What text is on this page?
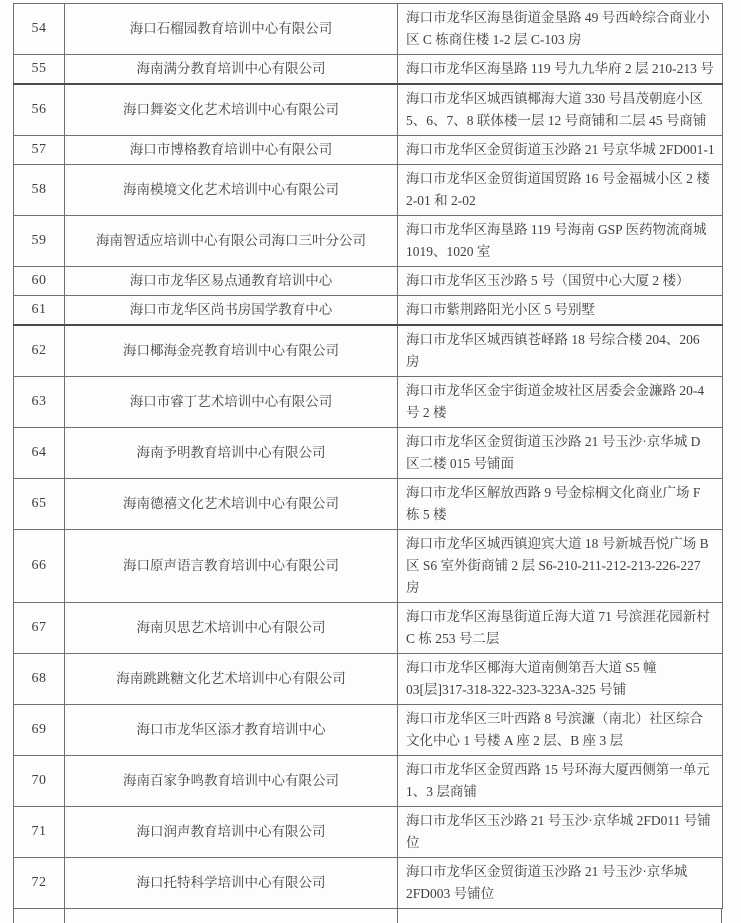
54	海口石榴园教育培训中心有限公司	海口市龙华区海垦街道金垦路 49 号西岭综合商业小区 C 栋商住楼 1-2 层 C-103 房
55	海南满分教育培训中心有限公司	海口市龙华区海垦路 119 号九九华府 2 层 210-213 号
56	海口舞姿文化艺术培训中心有限公司	海口市龙华区城西镇椰海大道 330 号昌茂朝庭小区 5、6、7、8 联体楼一层 12 号商铺和二层 45 号商铺
57	海口市博格教育培训中心有限公司	海口市龙华区金贸街道玉沙路 21 号京华城 2FD001-1
58	海南模境文化艺术培训中心有限公司	海口市龙华区金贸街道国贸路 16 号金福城小区 2 楼 2-01 和 2-02
59	海南智适应培训中心有限公司海口三叶分公司	海口市龙华区海垦路 119 号海南 GSP 医药物流商城 1019、1020 室
60	海口市龙华区易点通教育培训中心	海口市龙华区玉沙路 5 号（国贸中心大厦 2 楼）
61	海口市龙华区尚书房国学教育中心	海口市紫荆路阳光小区 5 号别墅
62	海口椰海金亮教育培训中心有限公司	海口市龙华区城西镇苍峄路 18 号综合楼 204、206 房
63	海口市睿丁艺术培训中心有限公司	海口市龙华区金宇街道金坡社区居委会金濂路 20-4 号 2 楼
64	海南予明教育培训中心有限公司	海口市龙华区金贸街道玉沙路 21 号玉沙·京华城 D 区二楼 015 号铺面
65	海南德禧文化艺术培训中心有限公司	海口市龙华区解放西路 9 号金棕榈文化商业广场 F 栋 5 楼
66	海口原声语言教育培训中心有限公司	海口市龙华区城西镇迎宾大道 18 号新城吾悦广场 B 区 S6 室外街商铺 2 层 S6-210-211-212-213-226-227 房
67	海南贝思艺术培训中心有限公司	海口市龙华区海垦街道丘海大道 71 号滨涯花园新村 C 栋 253 号二层
68	海南跳跳糖文化艺术培训中心有限公司	海口市龙华区椰海大道南侧第吾大道 S5 幢 03[层]317-318-322-323-323A-325 号铺
69	海口市龙华区添才教育培训中心	海口市龙华区三叶西路 8 号滨濂（南北）社区综合文化中心 1 号楼 A 座 2 层、B 座 3 层
70	海南百家争鸣教育培训中心有限公司	海口市龙华区金贸西路 15 号环海大厦西侧第一单元 1、3 层商铺
71	海口润声教育培训中心有限公司	海口市龙华区玉沙路 21 号玉沙·京华城 2FD011 号铺位
72	海口托特科学培训中心有限公司	海口市龙华区金贸街道玉沙路 21 号玉沙·京华城 2FD003 号铺位
